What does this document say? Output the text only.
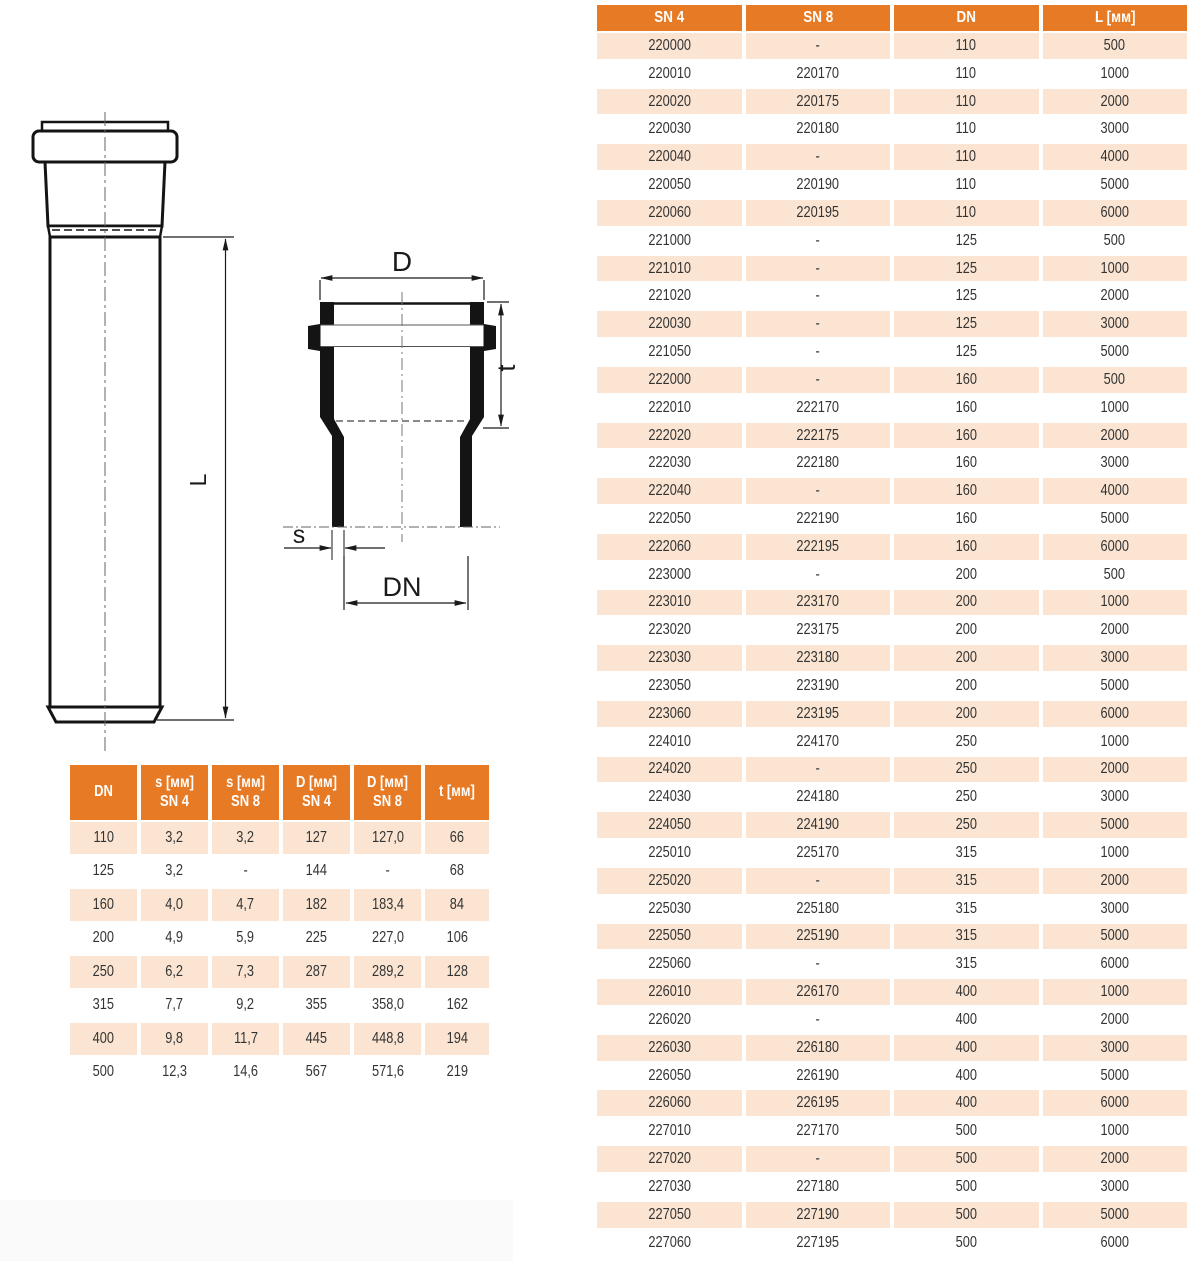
L
D
t
s
DN
DN

s [мм]
SN 4

s [мм]
SN 8

D [мм]
SN 4

D [мм]
SN 8

t [мм]

110	3,2	3,2	127	127,0	66
125	3,2	-	144	-	68
160	4,0	4,7	182	183,4	84
200	4,9	5,9	225	227,0	106
250	6,2	7,3	287	289,2	128
315	7,7	9,2	355	358,0	162
400	9,8	11,7	445	448,8	194
500	12,3	14,6	567	571,6	219
SN 4	SN 8	DN	L [мм]

220000	-	110	500
220010	220170	110	1000
220020	220175	110	2000
220030	220180	110	3000
220040	-	110	4000
220050	220190	110	5000
220060	220195	110	6000
221000	-	125	500
221010	-	125	1000
221020	-	125	2000
220030	-	125	3000
221050	-	125	5000
222000	-	160	500
222010	222170	160	1000
222020	222175	160	2000
222030	222180	160	3000
222040	-	160	4000
222050	222190	160	5000
222060	222195	160	6000
223000	-	200	500
223010	223170	200	1000
223020	223175	200	2000
223030	223180	200	3000
223050	223190	200	5000
223060	223195	200	6000
224010	224170	250	1000
224020	-	250	2000
224030	224180	250	3000
224050	224190	250	5000
225010	225170	315	1000
225020	-	315	2000
225030	225180	315	3000
225050	225190	315	5000
225060	-	315	6000
226010	226170	400	1000
226020	-	400	2000
226030	226180	400	3000
226050	226190	400	5000
226060	226195	400	6000
227010	227170	500	1000
227020	-	500	2000
227030	227180	500	3000
227050	227190	500	5000
227060	227195	500	6000
